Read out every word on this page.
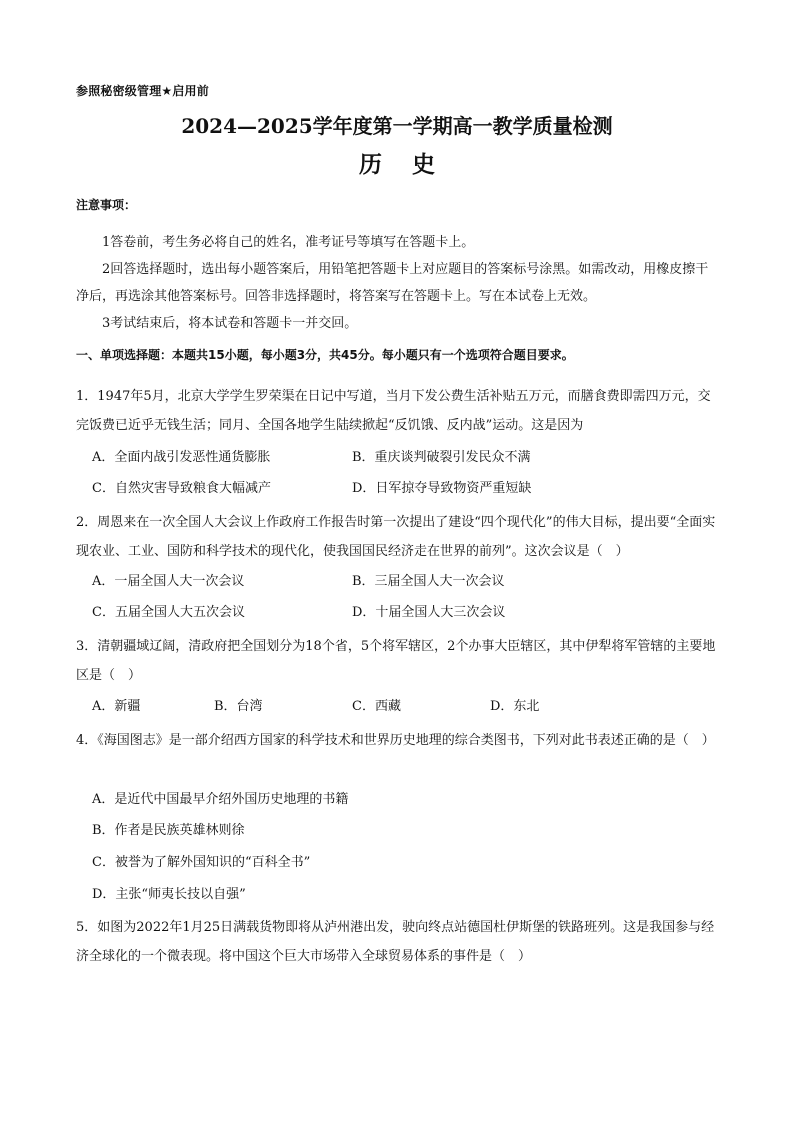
参照秘密级管理★启用前
2024—2025学年度第一学期高一教学质量检测
历史
注意事项：
1答卷前，考生务必将自己的姓名，准考证号等填写在答题卡上。
2回答选择题时，选出每小题答案后，用铅笔把答题卡上对应题目的答案标号涂黑。如需改动，用橡皮擦干净后，再选涂其他答案标号。回答非选择题时，将答案写在答题卡上。写在本试卷上无效。
3考试结束后，将本试卷和答题卡一并交回。
一、单项选择题：本题共15小题，每小题3分，共45分。每小题只有一个选项符合题目要求。
1．1947年5月，北京大学学生罗荣渠在日记中写道，当月下发公费生活补贴五万元，而膳食费即需四万元，交完饭费已近乎无钱生活；同月、全国各地学生陆续掀起“反饥饿、反内战”运动。这是因为
A．全面内战引发恶性通货膨胀	B．重庆谈判破裂引发民众不满
C．自然灾害导致粮食大幅减产	D．日军掠夺导致物资严重短缺
2．周恩来在一次全国人大会议上作政府工作报告时第一次提出了建设“四个现代化”的伟大目标，提出要“全面实现农业、工业、国防和科学技术的现代化，使我国国民经济走在世界的前列”。这次会议是（　）
A．一届全国人大一次会议	B．三届全国人大一次会议
C．五届全国人大五次会议	D．十届全国人大三次会议
3．清朝疆域辽阔，清政府把全国划分为18个省，5个将军辖区，2个办事大臣辖区，其中伊犁将军管辖的主要地区是（　）
A．新疆	B．台湾	C．西藏	D．东北
4．《海国图志》是一部介绍西方国家的科学技术和世界历史地理的综合类图书，下列对此书表述正确的是（　）
A．是近代中国最早介绍外国历史地理的书籍
B．作者是民族英雄林则徐
C．被誉为了解外国知识的“百科全书”
D．主张“师夷长技以自强”
5．如图为2022年1月25日满载货物即将从泸州港出发，驶向终点站德国杜伊斯堡的铁路班列。这是我国参与经济全球化的一个微表现。将中国这个巨大市场带入全球贸易体系的事件是（　）
